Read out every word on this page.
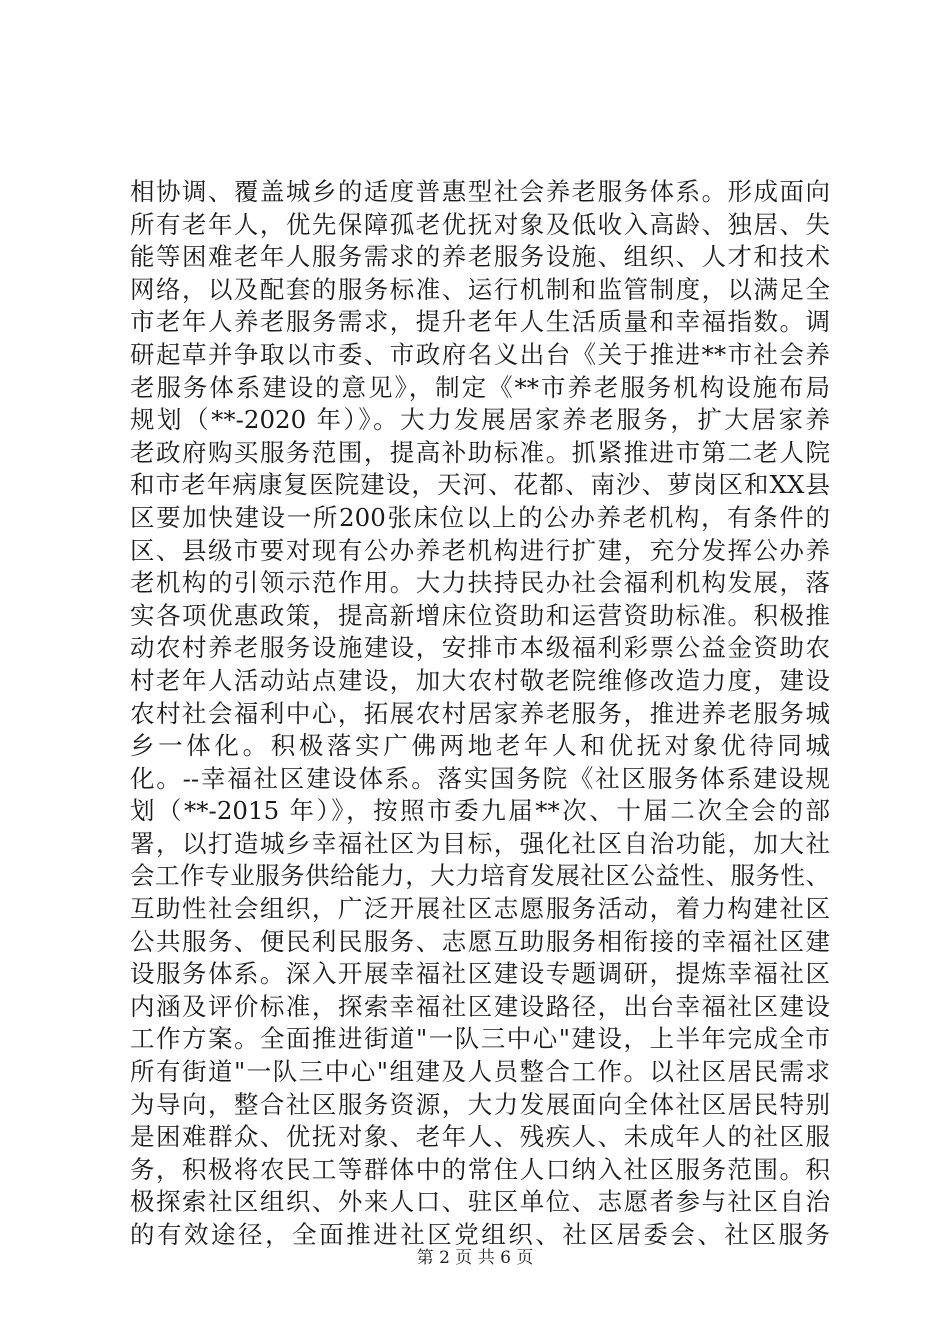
相协调、覆盖城乡的适度普惠型社会养老服务体系。形成面向
所有老年人，优先保障孤老优抚对象及低收入高龄、独居、失
能等困难老年人服务需求的养老服务设施、组织、人才和技术
网络，以及配套的服务标准、运行机制和监管制度，以满足全
市老年人养老服务需求，提升老年人生活质量和幸福指数。调
研起草并争取以市委、市政府名义出台《关于推进**市社会养
老服务体系建设的意见》，制定《**市养老服务机构设施布局
规划（**-2020 年）》。大力发展居家养老服务，扩大居家养
老政府购买服务范围，提高补助标准。抓紧推进市第二老人院
和市老年病康复医院建设，天河、花都、南沙、萝岗区和XX县
区要加快建设一所200张床位以上的公办养老机构，有条件的
区、县级市要对现有公办养老机构进行扩建，充分发挥公办养
老机构的引领示范作用。大力扶持民办社会福利机构发展，落
实各项优惠政策，提高新增床位资助和运营资助标准。积极推
动农村养老服务设施建设，安排市本级福利彩票公益金资助农
村老年人活动站点建设，加大农村敬老院维修改造力度，建设
农村社会福利中心，拓展农村居家养老服务，推进养老服务城
乡一体化。积极落实广佛两地老年人和优抚对象优待同城
化。--幸福社区建设体系。落实国务院《社区服务体系建设规
划（**-2015 年）》，按照市委九届**次、十届二次全会的部
署，以打造城乡幸福社区为目标，强化社区自治功能，加大社
会工作专业服务供给能力，大力培育发展社区公益性、服务性、
互助性社会组织，广泛开展社区志愿服务活动，着力构建社区
公共服务、便民利民服务、志愿互助服务相衔接的幸福社区建
设服务体系。深入开展幸福社区建设专题调研，提炼幸福社区
内涵及评价标准，探索幸福社区建设路径，出台幸福社区建设
工作方案。全面推进街道"一队三中心"建设，上半年完成全市
所有街道"一队三中心"组建及人员整合工作。以社区居民需求
为导向，整合社区服务资源，大力发展面向全体社区居民特别
是困难群众、优抚对象、老年人、残疾人、未成年人的社区服
务，积极将农民工等群体中的常住人口纳入社区服务范围。积
极探索社区组织、外来人口、驻区单位、志愿者参与社区自治
的有效途径，全面推进社区党组织、社区居委会、社区服务
第 2 页 共 6 页
